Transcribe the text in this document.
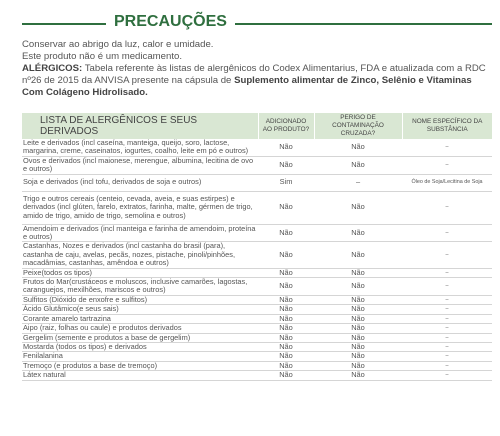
PRECAUÇÕES

Conservar ao abrigo da luz, calor e umidade.

Este produto não é um medicamento.

ALÉRGICOS: Tabela referente às listas de alergênicos do Codex Alimentarius, FDA e atualizada com a RDC nº26 de 2015 da ANVISA presente na cápsula de Suplemento alimentar de Zinco, Selênio e Vitaminas Com Colágeno Hidrolisado.

LISTA DE ALERGÊNICOS E SEUS DERIVADOS	ADICIONADO AO PRODUTO?	PERIGO DE CONTAMINAÇÃO CRUZADA?	NOME ESPECÍFICO DA SUBSTÂNCIA
Leite e derivados (incl caseína, manteiga, queijo, soro, lactose, margarina, creme, caseinatos, iogurtes, coalho, leite em pó e outros)	Não	Não	–
Ovos e derivados (incl maionese, merengue, albumina, lecitina de ovo e outros)	Não	Não	–
Soja e derivados (incl tofu, derivados de soja e outros)	Sim	–	Óleo de Soja/Lecitina de Soja
Trigo e outros cereais (centeio, cevada, aveia, e suas estirpes) e derivados (incl glúten, farelo, extratos, farinha, malte, gérmen de trigo, amido de trigo, amido de trigo, semolina e outros)	Não	Não	–
Amendoim e derivados (incl manteiga e farinha de amendoim, proteína e outros)	Não	Não	–
Castanhas, Nozes e derivados (incl castanha do brasil (para), castanha de caju, avelas, pecãs, nozes, pistache, pinoli/pinhões, macadâmias, castanhas, amêndoa e outros)	Não	Não	–
Peixe(todos os tipos)	Não	Não	–
Frutos do Mar(crustáceos e moluscos, inclusive camarões, lagostas, caranguejos, mexilhões, mariscos e outros)	Não	Não	–
Sulfitos (Dióxido de enxofre e sulfitos)	Não	Não	–
Ácido Glutâmico(e seus sais)	Não	Não	–
Corante amarelo tartrazina	Não	Não	–
Aipo (raiz, folhas ou caule) e produtos derivados	Não	Não	–
Gergelim (semente e produtos a base de gergelim)	Não	Não	–
Mostarda (todos os tipos) e derivados	Não	Não	–
Fenilalanina	Não	Não	–
Tremoço (e produtos a base de tremoço)	Não	Não	–
Látex natural	Não	Não	–
